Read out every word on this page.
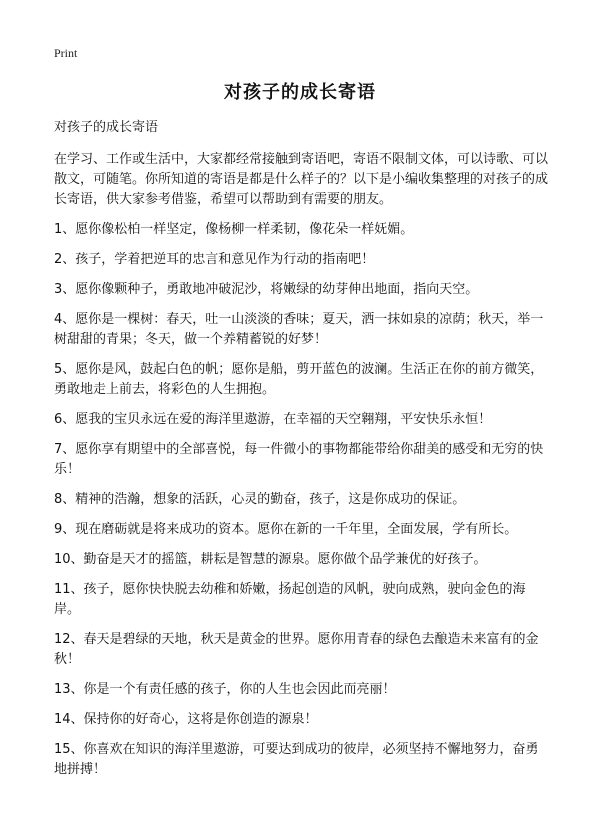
Print
对孩子的成长寄语

对孩子的成长寄语

在学习、工作或生活中，大家都经常接触到寄语吧，寄语不限制文体，可以诗歌、可以散文，可随笔。你所知道的寄语是都是什么样子的？以下是小编收集整理的对孩子的成长寄语，供大家参考借鉴，希望可以帮助到有需要的朋友。

1、愿你像松柏一样坚定，像杨柳一样柔韧，像花朵一样妩媚。

2、孩子，学着把逆耳的忠言和意见作为行动的指南吧！

3、愿你像颗种子，勇敢地冲破泥沙，将嫩绿的幼芽伸出地面，指向天空。

4、愿你是一棵树：春天，吐一山淡淡的香味；夏天，洒一抹如泉的凉荫；秋天，举一树甜甜的青果；冬天，做一个养精蓄锐的好梦！

5、愿你是风，鼓起白色的帆；愿你是船，剪开蓝色的波澜。生活正在你的前方微笑，勇敢地走上前去，将彩色的人生拥抱。

6、愿我的宝贝永远在爱的海洋里遨游，在幸福的天空翱翔，平安快乐永恒！

7、愿你享有期望中的全部喜悦，每一件微小的事物都能带给你甜美的感受和无穷的快乐！

8、精神的浩瀚，想象的活跃，心灵的勤奋，孩子，这是你成功的保证。

9、现在磨砺就是将来成功的资本。愿你在新的一千年里，全面发展，学有所长。

10、勤奋是天才的摇篮，耕耘是智慧的源泉。愿你做个品学兼优的好孩子。

11、孩子，愿你快快脱去幼稚和娇嫩，扬起创造的风帆，驶向成熟，驶向金色的海岸。

12、春天是碧绿的天地，秋天是黄金的世界。愿你用青春的绿色去酿造未来富有的金秋！

13、你是一个有责任感的孩子，你的人生也会因此而亮丽！

14、保持你的好奇心，这将是你创造的源泉！

15、你喜欢在知识的海洋里遨游，可要达到成功的彼岸，必须坚持不懈地努力，奋勇地拼搏！
